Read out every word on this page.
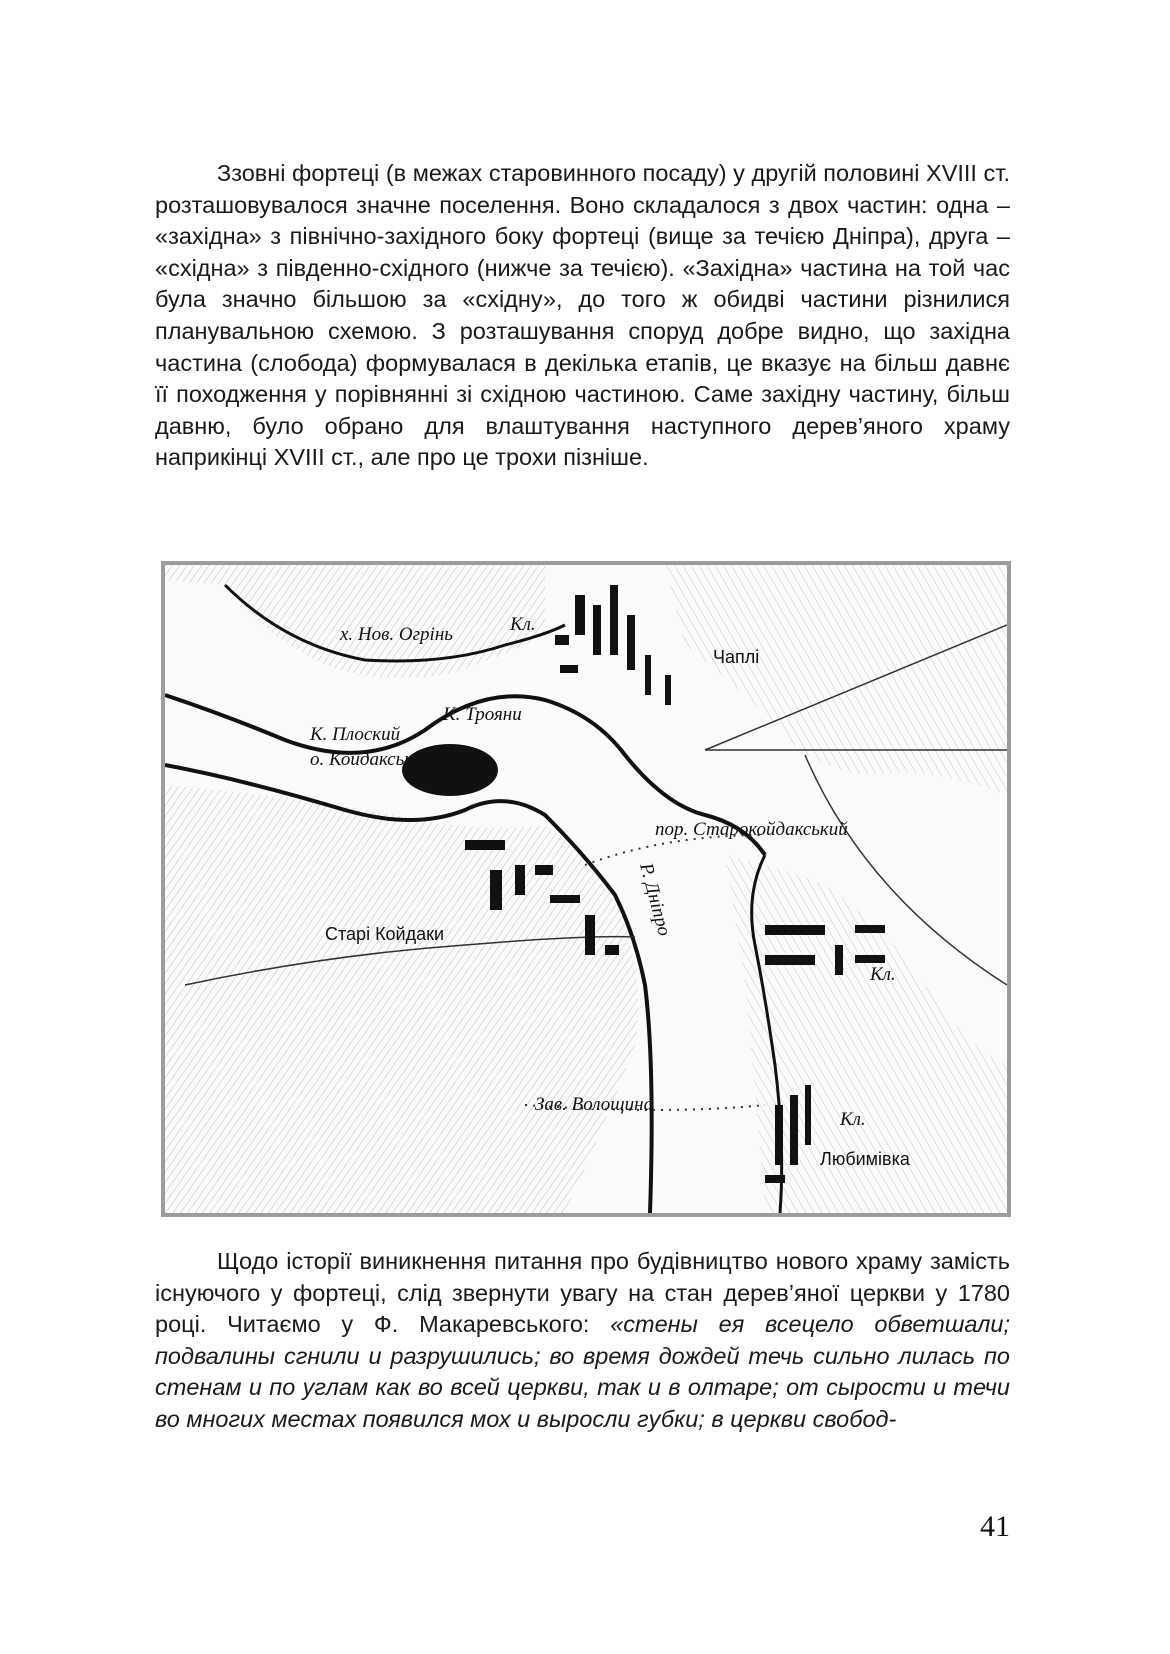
Ззовні фортеці (в межах старовинного посаду) у другій половині XVIII ст. розташовувалося значне поселення. Воно складалося з двох частин: одна – «західна» з північно-західного боку фортеці (вище за течією Дніпра), друга – «східна» з південно-східного (нижче за течією). «Західна» частина на той час була значно більшою за «східну», до того ж обидві частини різнилися планувальною схемою. З розташування споруд добре видно, що західна частина (слобода) формувалася в декілька етапів, це вказує на більш давнє її походження у порівнянні зі східною частиною. Саме західну частину, більш давню, було обрано для влаштування наступного дерев’яного храму наприкінці XVIII ст., але про це трохи пізніше.

х. Нов. Огрінь	Кл.
Чаплі
К. Плоский
К. Трояни
о. Койдакський
пор. Старокойдакський
Старі Койдаки	Р. Дніпро
Кл.
Зав. Волощина
Кл.
Любимівка

Щодо історії виникнення питання про будівництво нового храму замість існуючого у фортеці, слід звернути увагу на стан дерев’яної церкви у 1780 році. Читаємо у Ф. Макаревського: «стены ея всецело обветшали; подвалины сгнили и разрушились; во время дождей течь сильно лилась по стенам и по углам как во всей церкви, так и в олтаре; от сырости и течи во многих местах появился мох и выросли губки; в церкви свобод-

41
